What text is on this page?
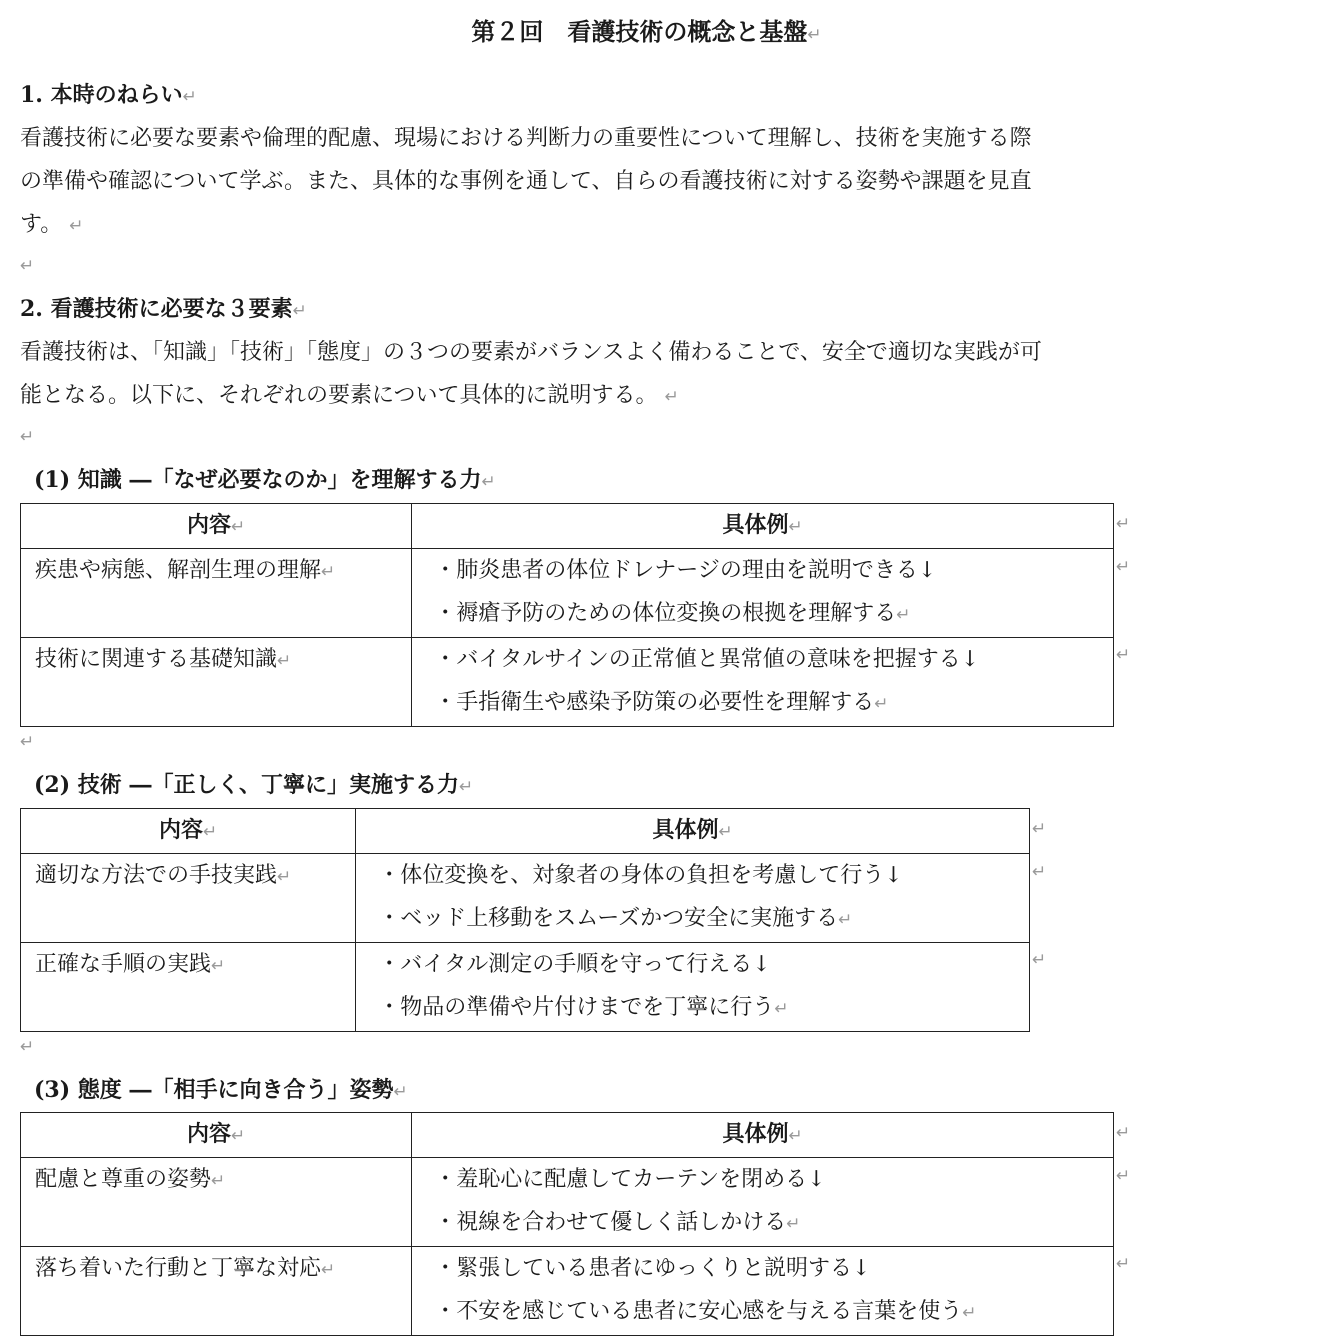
第２回　看護技術の概念と基盤↵
1. 本時のねらい↵
看護技術に必要な要素や倫理的配慮、現場における判断力の重要性について理解し、技術を実施する際
の準備や確認について学ぶ。また、具体的な事例を通して、自らの看護技術に対する姿勢や課題を見直
す。 ↵
↵
2. 看護技術に必要な３要素↵
看護技術は、「知識」「技術」「態度」の３つの要素がバランスよく備わることで、安全で適切な実践が可
能となる。以下に、それぞれの要素について具体的に説明する。 ↵
↵
(1) 知識 ―「なぜ必要なのか」を理解する力↵
内容↵	具体例↵
疾患や病態、解剖生理の理解↵	・肺炎患者の体位ドレナージの理由を説明できる↓
・褥瘡予防のための体位変換の根拠を理解する↵

技術に関連する基礎知識↵	・バイタルサインの正常値と異常値の意味を把握する↓
・手指衛生や感染予防策の必要性を理解する↵
↵
↵
↵
↵
(2) 技術 ―「正しく、丁寧に」実施する力↵
内容↵	具体例↵
適切な方法での手技実践↵	・体位変換を、対象者の身体の負担を考慮して行う↓
・ベッド上移動をスムーズかつ安全に実施する↵

正確な手順の実践↵	・バイタル測定の手順を守って行える↓
・物品の準備や片付けまでを丁寧に行う↵
↵
↵
↵
↵
(3) 態度 ―「相手に向き合う」姿勢↵
内容↵	具体例↵
配慮と尊重の姿勢↵	・羞恥心に配慮してカーテンを閉める↓
・視線を合わせて優しく話しかける↵

落ち着いた行動と丁寧な対応↵	・緊張している患者にゆっくりと説明する↓
・不安を感じている患者に安心感を与える言葉を使う↵
↵
↵
↵
